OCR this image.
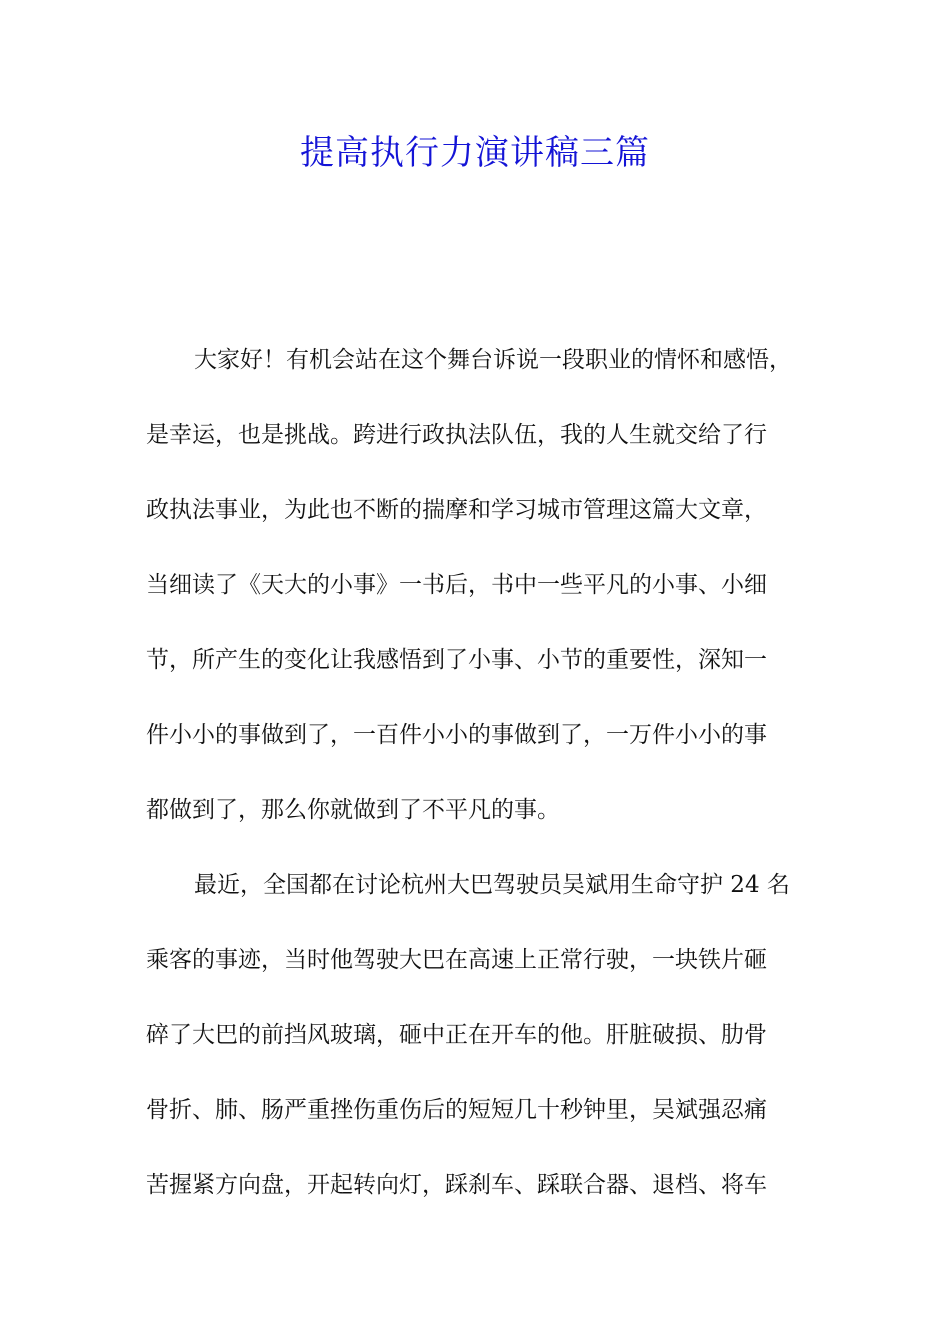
提高执行力演讲稿三篇
大家好！有机会站在这个舞台诉说一段职业的情怀和感悟，
是幸运，也是挑战。跨进行政执法队伍，我的人生就交给了行
政执法事业，为此也不断的揣摩和学习城市管理这篇大文章，
当细读了《天大的小事》一书后，书中一些平凡的小事、小细
节，所产生的变化让我感悟到了小事、小节的重要性，深知一
件小小的事做到了，一百件小小的事做到了，一万件小小的事
都做到了，那么你就做到了不平凡的事。
最近，全国都在讨论杭州大巴驾驶员吴斌用生命守护 24 名
乘客的事迹，当时他驾驶大巴在高速上正常行驶，一块铁片砸
碎了大巴的前挡风玻璃，砸中正在开车的他。肝脏破损、肋骨
骨折、肺、肠严重挫伤重伤后的短短几十秒钟里，吴斌强忍痛
苦握紧方向盘，开起转向灯，踩刹车、踩联合器、退档、将车
